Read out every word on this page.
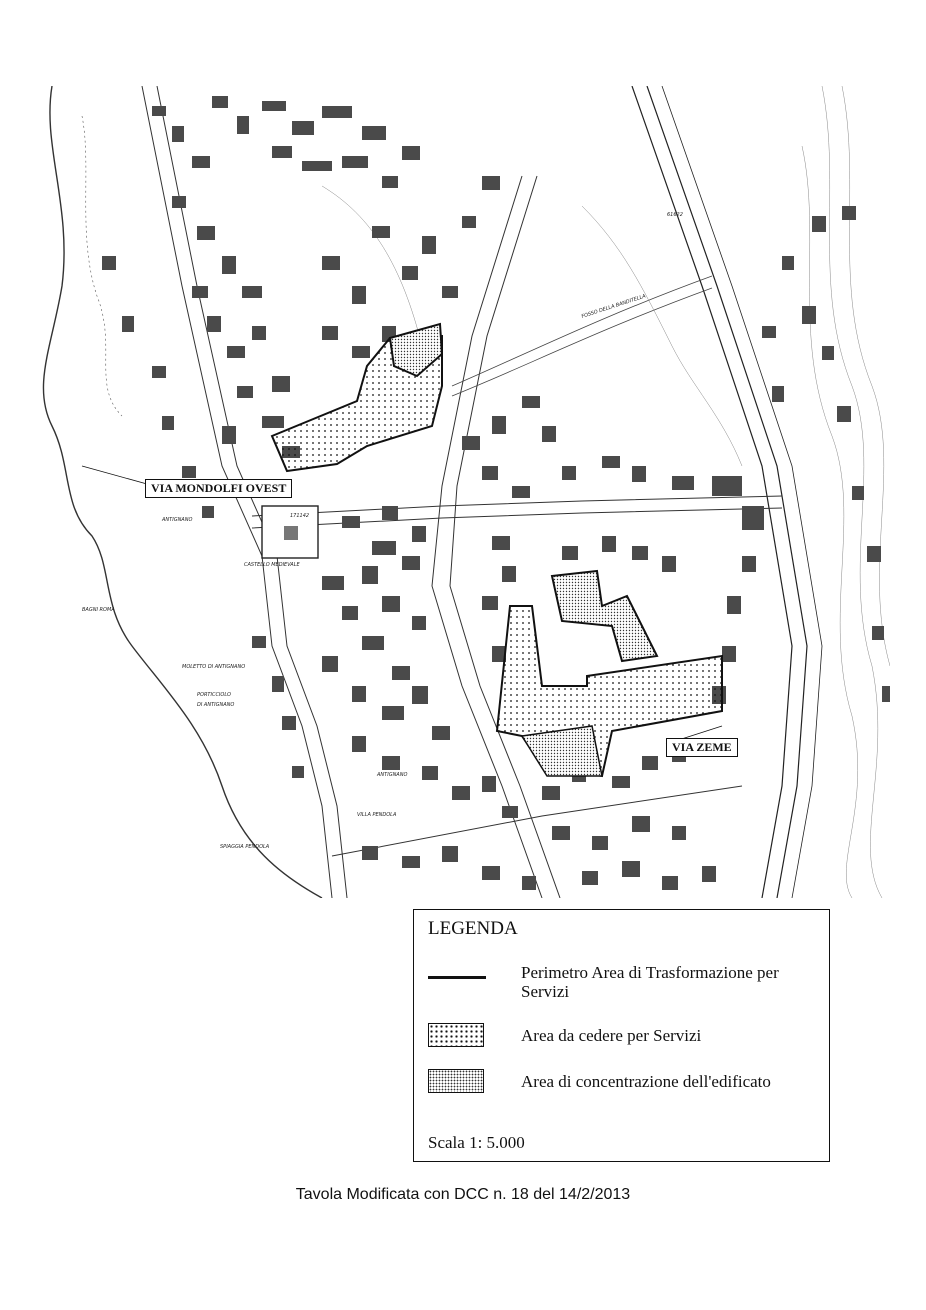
ANTIGNANO
CASTELLO MEDIEVALE
171142
BAGNI ROMA
MOLETTO DI ANTIGNANO
PORTICCIOLO
DI ANTIGNANO
ANTIGNANO
VILLA PENDOLA
SPIAGGIA PENDOLA
FOSSO DELLA BANDITELLA
61622
VIA MONDOLFI OVEST
VIA ZEME
LEGENDA
Perimetro Area di Trasformazione per Servizi
Area da cedere per Servizi
Area di concentrazione dell'edificato
Scala 1: 5.000
Tavola Modificata con DCC n. 18 del 14/2/2013
